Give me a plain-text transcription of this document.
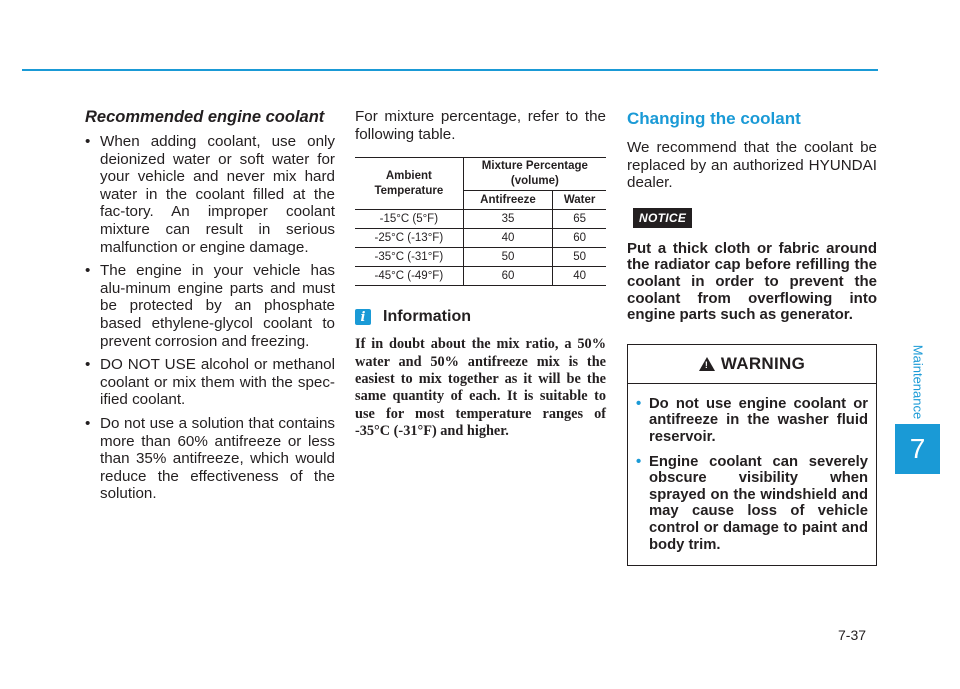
Recommended engine coolant
• When adding coolant, use only deionized water or soft water for your vehicle and never mix hard water in the coolant filled at the fac-tory. An improper coolant mixture can result in serious malfunction or engine damage.
• The engine in your vehicle has alu-minum engine parts and must be protected by an phosphate based ethylene-glycol coolant to prevent corrosion and freezing.
• DO NOT USE alcohol or methanol coolant or mix them with the spec-ified coolant.
• Do not use a solution that contains more than 60% antifreeze or less than 35% antifreeze, which would reduce the effectiveness of the solution.

For mixture percentage, refer to the following table.

Ambient Temperature	Mixture Percentage (volume)	
	Antifreeze	Water
-15°C (5°F)	35	65
-25°C (-13°F)	40	60
-35°C (-31°F)	50	50
-45°C (-49°F)	60	40
i	Information

If in doubt about the mix ratio, a 50% water and 50% antifreeze mix is the easiest to mix together as it will be the same quantity of each. It is suitable to use for most temperature ranges of -35°C (-31°F) and higher.

Changing the coolant

We recommend that the coolant be replaced by an authorized HYUNDAI dealer.

NOTICE

Put a thick cloth or fabric around the radiator cap before refilling the coolant in order to prevent the coolant from overflowing into engine parts such as generator.

! WARNING
• Do not use engine coolant or antifreeze in the washer fluid reservoir.
• Engine coolant can severely obscure visibility when sprayed on the windshield and may cause loss of vehicle control or damage to paint and body trim.
Maintenance
7
7-37
